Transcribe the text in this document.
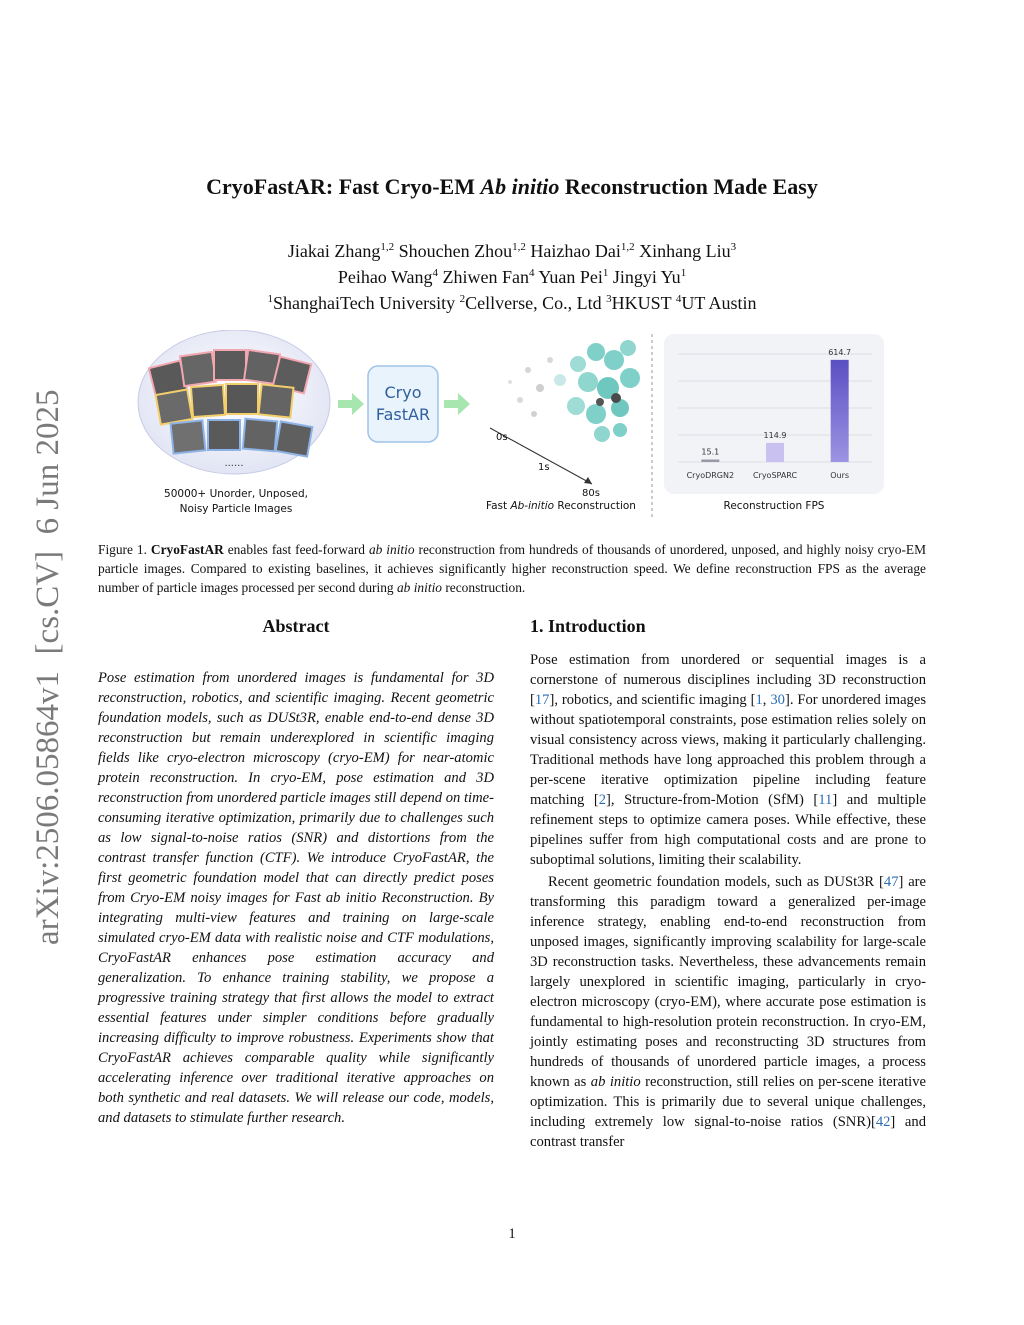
arXiv:2506.05864v1  [cs.CV]  6 Jun 2025
CryoFastAR: Fast Cryo-EM Ab initio Reconstruction Made Easy
Jiakai Zhang$^{1,2}$ Shouchen Zhou$^{1,2}$ Haizhao Dai$^{1,2}$ Xinhang Liu$^3$
Peihao Wang$^4$ Zhiwen Fan$^4$ Yuan Pei$^1$ Jingyi Yu$^1$
$^1$ShanghaiTech University $^2$Cellverse, Co., Ltd $^3$HKUST $^4$UT Austin
......
50000+ Unorder, Unposed,
Noisy Particle Images
Cryo
FastAR
0s
1s
80s
Fast Ab-initio Reconstruction
15.1
CryoDRGN2
114.9
CryoSPARC
614.7
Ours
Reconstruction FPS
Figure 1. CryoFastAR enables fast feed-forward ab initio reconstruction from hundreds of thousands of unordered, unposed, and highly noisy cryo-EM particle images. Compared to existing baselines, it achieves significantly higher reconstruction speed. We define reconstruction FPS as the average number of particle images processed per second during ab initio reconstruction.
Abstract
Pose estimation from unordered images is fundamental for 3D reconstruction, robotics, and scientific imaging. Recent geometric foundation models, such as DUSt3R, enable end-to-end dense 3D reconstruction but remain underexplored in scientific imaging fields like cryo-electron microscopy (cryo-EM) for near-atomic protein reconstruction. In cryo-EM, pose estimation and 3D reconstruction from unordered particle images still depend on time-consuming iterative optimization, primarily due to challenges such as low signal-to-noise ratios (SNR) and distortions from the contrast transfer function (CTF). We introduce CryoFastAR, the first geometric foundation model that can directly predict poses from Cryo-EM noisy images for Fast ab initio Reconstruction. By integrating multi-view features and training on large-scale simulated cryo-EM data with realistic noise and CTF modulations, CryoFastAR enhances pose estimation accuracy and generalization. To enhance training stability, we propose a progressive training strategy that first allows the model to extract essential features under simpler conditions before gradually increasing difficulty to improve robustness. Experiments show that CryoFastAR achieves comparable quality while significantly accelerating inference over traditional iterative approaches on both synthetic and real datasets. We will release our code, models, and datasets to stimulate further research.
1. Introduction

Pose estimation from unordered or sequential images is a cornerstone of numerous disciplines including 3D reconstruction [17], robotics, and scientific imaging [1, 30]. For unordered images without spatiotemporal constraints, pose estimation relies solely on visual consistency across views, making it particularly challenging. Traditional methods have long approached this problem through a per-scene iterative optimization pipeline including feature matching [2], Structure-from-Motion (SfM) [11] and multiple refinement steps to optimize camera poses. While effective, these pipelines suffer from high computational costs and are prone to suboptimal solutions, limiting their scalability.

Recent geometric foundation models, such as DUSt3R [47] are transforming this paradigm toward a generalized per-image inference strategy, enabling end-to-end reconstruction from unposed images, significantly improving scalability for large-scale 3D reconstruction tasks. Nevertheless, these advancements remain largely unexplored in scientific imaging, particularly in cryo-electron microscopy (cryo-EM), where accurate pose estimation is fundamental to high-resolution protein reconstruction. In cryo-EM, jointly estimating poses and reconstructing 3D structures from hundreds of thousands of unordered particle images, a process known as ab initio reconstruction, still relies on per-scene iterative optimization. This is primarily due to several unique challenges, including extremely low signal-to-noise ratios (SNR)[42] and contrast transfer

1
